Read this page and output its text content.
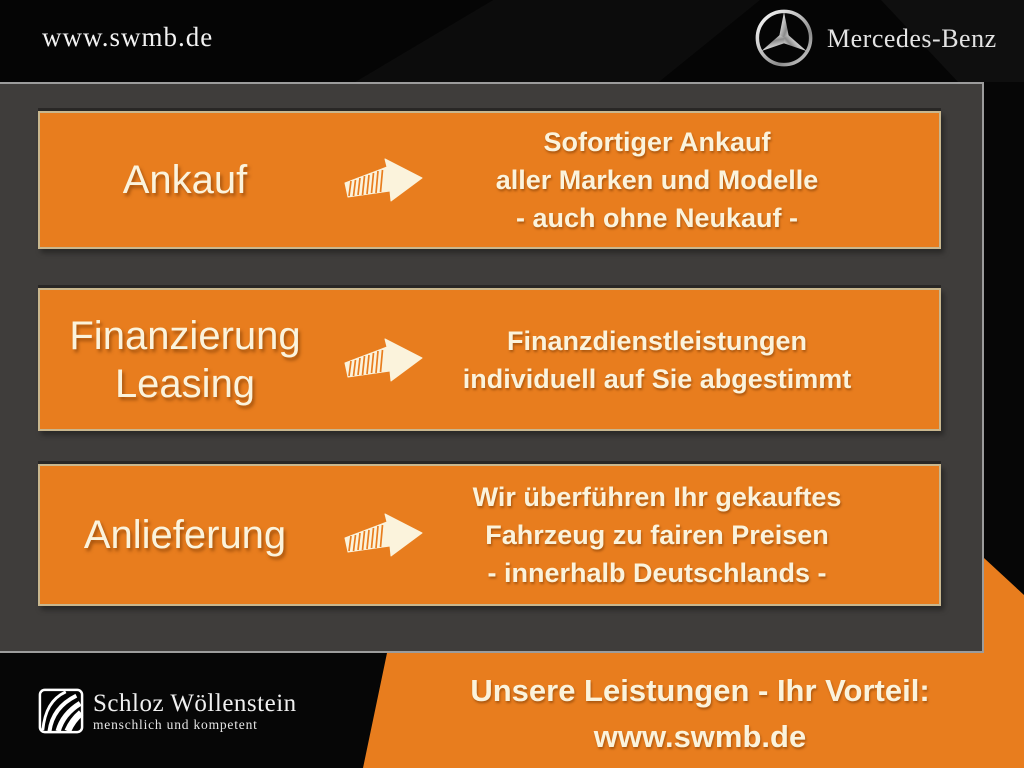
www.swmb.de	Mercedes-Benz
Ankauf
Sofortiger Ankauf
aller Marken und Modelle
- auch ohne Neukauf -
Finanzierung
Leasing
Finanzdienstleistungen
individuell auf Sie abgestimmt
Anlieferung
Wir überführen Ihr gekauftes
Fahrzeug zu fairen Preisen
- innerhalb Deutschlands -
Unsere Leistungen - Ihr Vorteil:
www.swmb.de
Schloz Wöllenstein
menschlich und kompetent
